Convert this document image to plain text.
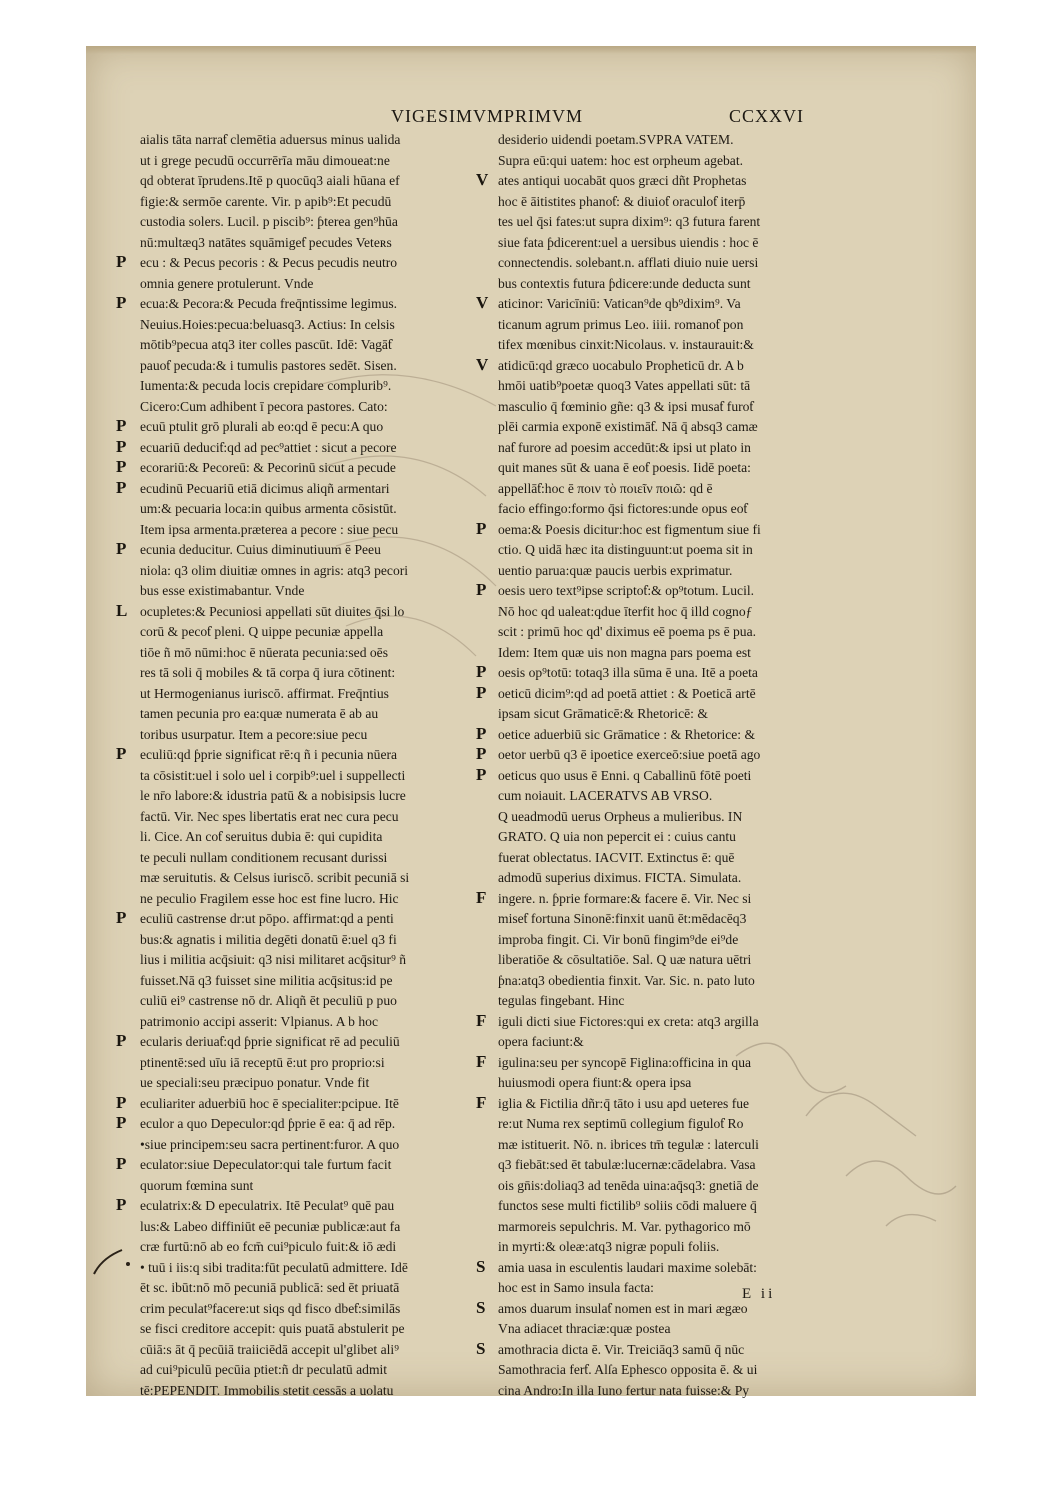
VIGESIMVMPRIMVM	CCXXVI
aialis tāta narraƭ clemētia aduersus minus ualida
ut i grege pecudū occurrērīa māu dimoueat:ne
qd obterat īprudens.Itē p quocūq3 aiali hūana ef
figie:& sermōe carente. Vir. p apib⁹:Et pecudū
custodia solers. Lucil. p piscib⁹: ƥterea gen⁹hūa
nū:multæq3 natātes squāmigeƭ pecudes Veteʀs
P ecu : & Pecus pecoris : & Pecus pecudis neutro
omnia genere protulerunt. Vnde
P ecua:& Pecora:& Pecuda freq̄ntissime legimus.
Neuius.Hoies:pecua:beluasq3. Actius: In celsis
mōtib⁹pecua atq3 iter colles pascūt. Idē: Vagāƭ
pauoƭ pecuda:& i tumulis pastores sedēt. Sisen.
Iumenta:& pecuda locis crepidare complurib⁹.
Cicero:Cum adhibent ī pecora pastores. Cato:
P ecuū ptulit grō plurali ab eo:qd ē pecu:A quo
P ecuariū deduciƭ:qd ad pec⁹attiet : sicut a pecore
P ecorariū:& Pecoreū: & Pecorinū sicut a pecude
P ecudinū Pecuariū etiā dicimus aliqñ armentari
um:& pecuaria loca:in quibus armenta cōsistūt.
Item ipsa armenta.præterea a pecore : siue pecu
P ecunia deducitur. Cuius diminutiuum ē Peeu
niola: q3 olim diuitiæ omnes in agris: atq3 pecori
bus esse existimabantur. Vnde
L ocupletes:& Pecuniosi appellati sūt diuites q̄si lo
corū & pecoƭ pleni. Q uippe pecuniæ appella
tiōe ñ mō nūmi:hoc ē nūerata pecunia:sed oēs
res tā soli q̄ mobiles & tā corpa q̄ iura cōtinent:
ut Hermogenianus iuriscō. affirmat. Freq̄ntius
tamen pecunia pro ea:quæ numerata ē ab au
toribus usurpatur. Item a pecore:siue pecu
P eculiū:qd ƥprie significat rē:q ñ i pecunia nūera
ta cōsistit:uel i solo uel i corpib⁹:uel i suppellecti
le nr̄o labore:& idustria patū & a nobisipsis lucre
factū. Vir. Nec spes libertatis erat nec cura pecu
li. Cice. An coƭ seruitus dubia ē: qui cupidita
te peculi nullam conditionem recusant durissi
mæ seruitutis. & Celsus iuriscō. scribit pecuniā si
ne peculio Fragilem esse hoc est fine lucro. Hic
P eculiū castrense dr:ut pōpo. affirmat:qd a penti
bus:& agnatis i militia degēti donatū ē:uel q3 fi
lius i militia acq̄siuit: q3 nisi militaret acq̄situr⁹ ñ
fuisset.Nā q3 fuisset sine militia acq̄situs:id pe
culiū ei⁹ castrense nō dr. Aliqñ ēt peculiū p puo
patrimonio accipi asserit: Vlpianus. A b hoc
P ecularis deriuaƭ:qd ƥprie significat rē ad peculiū
ptinentē:sed uīu iā receptū ē:ut pro proprio:si
ue speciali:seu præcipuo ponatur. Vnde fit
P eculiariter aduerbiū hoc ē specialiter:pcipue. Itē
P eculor a quo Depeculor:qd ƥprie ē ea: q̄ ad rēp.
•siue principem:seu sacra pertinent:furor. A quo
P eculator:siue Depeculator:qui tale furtum facit
quorum fœmina sunt
P eculatrix:& D epeculatrix. Itē Peculat⁹ quē pau
lus:& Labeo diffiniūt eē pecuniæ publicæ:aut fa
cræ furtū:nō ab eo fcm̄ cui⁹piculo fuit:& iō ædi
• tuū i iis:q sibi tradita:fūt peculatū admittere. Idē
ēt sc. ibūt:nō mō pecuniā publicā: sed ēt priuatā
crim peculat⁹facere:ut siqs qd fisco dbeƭ:similās
se fisci creditore accepit: quis puatā abstulerit pe
cūiā:s āt q̄ pecūiā traiiciēdā accepit ul'glibet ali⁹
ad cui⁹piculū pecūia ptiet:ñ dr peculatū admit
tē:PEPENDIT. Immobilis stetit cessās a uolatu
desiderio uidendi poetam.SVPRA VATEM.
Supra eū:qui uatem: hoc est orpheum agebat.
V ates antiqui uocabāt quos græci dñt Prophetas
hoc ē āitistites phanoƭ: & diuioƭ oraculoƭ iterp̄
tes uel q̄si fates:ut supra dixim⁹: q3 futura farent
siue fata ƥdicerent:uel a uersibus uiendis : hoc ē
connectendis. solebant.n. afflati diuio nuie uersi
bus contextis futura ƥdicere:unde deducta sunt
V aticinor: Varicīniū: Vatican⁹de qb⁹dixim⁹. Va
ticanum agrum primus Leo. iiii. romanoƭ pon
tifex mœnibus cinxit:Nicolaus. v. instaurauit:&
V atidicū:qd græco uocabulo Propheticū dr. A b
hmōi uatib⁹poetæ quoq3 Vates appellati sūt: tā
masculio q̄ fœminio gñe: q3 & ipsi musaƭ furoƭ
plēi carmia exponē existimāƭ. Nā q̄ absq3 camæ
naƭ furore ad poesim accedūt:& ipsi ut plato in
quit manes sūt & uana ē eoƭ poesis. Iidē poeta:
appellāƭ:hoc ē ποιν τὸ ποιεῖν ποιῶ: qd ē
facio effingo:formo q̄si fictores:unde opus eoƭ
P oema:& Poesis dicitur:hoc est figmentum siue fi
ctio. Q uidā hæc ita distinguunt:ut poema sit in
uentio parua:quæ paucis uerbis exprimatur.
P oesis uero text⁹ipse scriptoƭ:& op⁹totum. Lucil.
Nō hoc qd ualeat:qdue īterfit hoc q̄ illd cognoƒ
scit : primū hoc qd' diximus eē poema ps ē pua.
Idem: Item quæ uis non magna pars poema est
P oesis op⁹totū: totaq3 illa sūma ē una. Itē a poeta
P oeticū dicim⁹:qd ad poetā attiet : & Poeticā artē
ipsam sicut Grāmaticē:& Rhetoricē: &
P oetice aduerbiū sic Grāmatice : & Rhetorice: &
P oetor uerbū q3 ē ipoetice exerceō:siue poetā ago
P oeticus quo usus ē Enni. q Caballinū fōtē poeti
cum noiauit. LACERATVS AB VRSO.
Q ueadmodū uerus Orpheus a mulieribus. IN
GRATO. Q uia non pepercit ei : cuius cantu
fuerat oblectatus. IACVIT. Extinctus ē: quē
admodū superius diximus. FICTA. Simulata.
F ingere. n. ƥprie formare:& facere ē. Vir. Nec si
miseƭ fortuna Sinonē:finxit uanū ēt:mēdacēq3
improba fingit. Ci. Vir bonū fingim⁹de ei⁹de
liberatiōe & cōsultatiōe. Sal. Q uæ natura uētri
ƥna:atq3 obedientia finxit. Var. Sic. n. pato luto
tegulas fingebant. Hinc
F iguli dicti siue Fictores:qui ex creta: atq3 argilla
opera faciunt:&
F igulina:seu per syncopē Figlina:officina in qua
huiusmodi opera fiunt:& opera ipsa
F iglia & Fictilia dñr:q̄ tāto i usu apd ueteres fue
re:ut Numa rex septimū collegium figuloƭ Ro
mæ istituerit. Nō. n. ibrices tm̄ tegulæ : laterculi
q3 fiebāt:sed ēt tabulæ:lucernæ:cādelabra. Vasa
ois gn̄is:doliaq3 ad tenēda uina:aq̄sq3: gnetiā de
functos sese multi fictilib⁹ soliis cōdi maluere q̄
marmoreis sepulchris. M. Var. pythagorico mō
in myrti:& oleæ:atq3 nigræ populi foliis.
S amia uasa in esculentis laudari maxime solebāt:
hoc est in Samo insula facta:
S amos duarum insulaƭ nomen est in mari ægæo
Vna adiacet thraciæ:quæ postea
S amothracia dicta ē. Vir. Treiciāq3 samū q̄ nūc
Samothracia ferƭ. Alſa Ephesco opposita ē. & ui
cina Andro:In illa Iuno fertur nata fuisse:& Py
E ii
